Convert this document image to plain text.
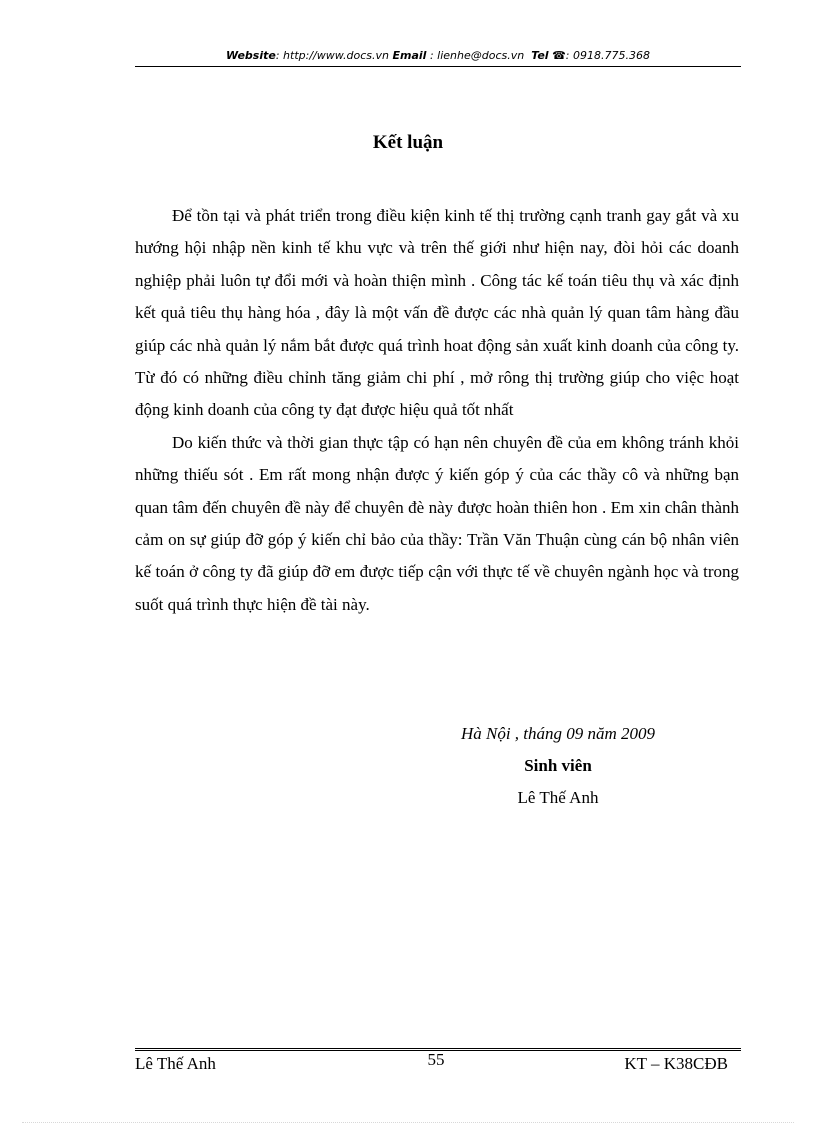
Website: http://www.docs.vn Email : lienhe@docs.vn Tel ☎: 0918.775.368
Kết luận

Để tồn tại và phát triển trong điều kiện kinh tế thị trường cạnh tranh gay gắt và xu hướng hội nhập nền kinh tế khu vực và trên thế giới như hiện nay, đòi hỏi các doanh nghiệp phải luôn tự đổi mới và hoàn thiện mình . Công tác kế toán tiêu thụ và xác định kết quả tiêu thụ hàng hóa , đây là một vấn đề được các nhà quản lý quan tâm hàng đầu giúp các nhà quản lý nắm bắt được quá trình hoat động sản xuất kinh doanh của công ty. Từ đó có những điều chỉnh tăng giảm chi phí , mở rông thị trường giúp cho việc hoạt động kinh doanh của công ty đạt được hiệu quả tốt nhất

Do kiến thức và thời gian thực tập có hạn nên chuyên đề của em không tránh khỏi những thiếu sót . Em rất mong nhận được ý kiến góp ý của các thầy cô và những bạn quan tâm đến chuyên đề này để chuyên đè này được hoàn thiên hon . Em xin chân thành cảm on sự giúp đỡ góp ý kiến chỉ bảo của thầy: Trần Văn Thuận cùng cán bộ nhân viên kế toán ở công ty đã giúp đỡ em được tiếp cận với thực tế về chuyên ngành học và trong suốt quá trình thực hiện đề tài này.

Hà Nội , tháng 09 năm 2009
Sinh viên
Lê Thế Anh
Lê Thế Anh	55	KT – K38CĐB
